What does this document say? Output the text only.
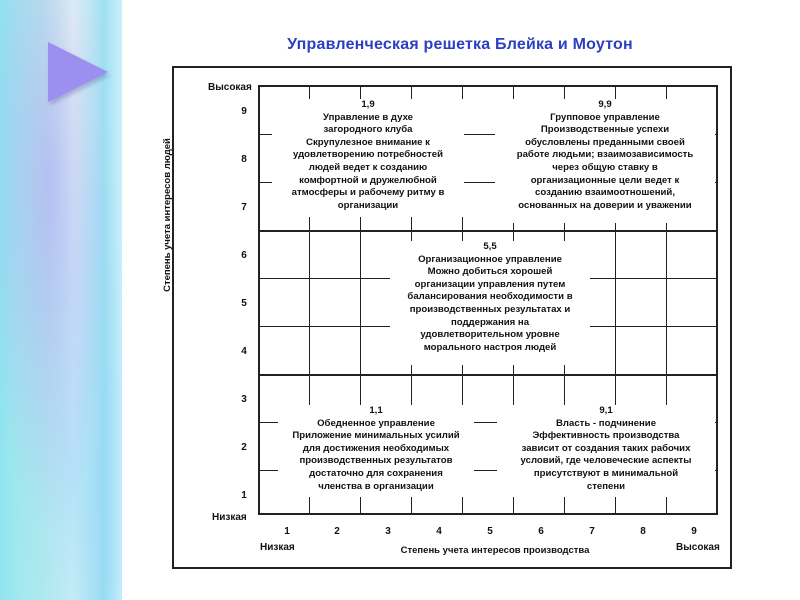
Управленческая решетка Блейка и Моутон
1,9
Управление в духе
загородного клуба
Скрупулезное внимание к
удовлетворению потребностей
людей ведет к созданию
комфортной и дружелюбной
атмосферы и рабочему ритму в
организации
9,9
Групповое управление
Производственные успехи
обусловлены преданными своей
работе людьми; взаимозависимость
через общую ставку в
организационные цели ведет к
созданию взаимоотношений,
основанных на доверии и уважении
5,5
Организационное управление
Можно добиться хорошей
организации управления путем
балансирования необходимости в
производственных результатах и
поддержания на
удовлетворительном уровне
морального настроя людей
1,1
Обедненное управление
Приложение минимальных усилий
для достижения необходимых
производственных результатов
достаточно для сохранения
членства в организации
9,1
Власть - подчинение
Эффективность производства
зависит от создания таких рабочих
условий, где человеческие аспекты
присутствуют в минимальной
степени
Высокая
Низкая
9
8
7
6
5
4
3
2
1
Степень учета интересов людей
1	2	3	4	5	6	7	8	9
Низкая	Высокая
Степень учета интересов производства
